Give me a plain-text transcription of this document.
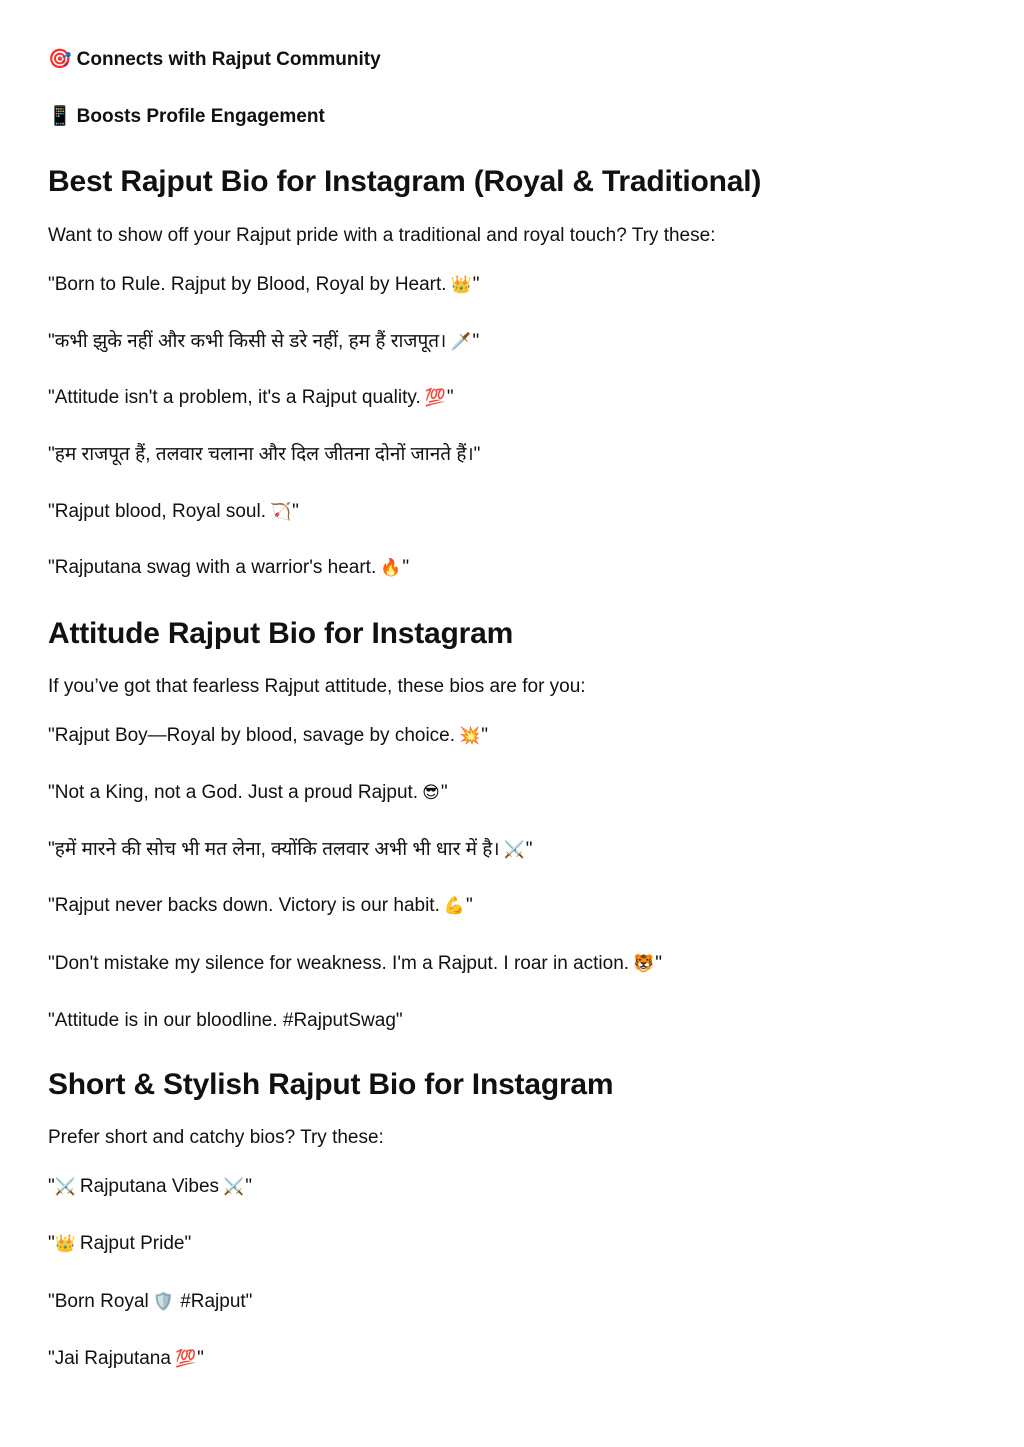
🎯 Connects with Rajput Community
📱 Boosts Profile Engagement
Best Rajput Bio for Instagram (Royal & Traditional)
Want to show off your Rajput pride with a traditional and royal touch? Try these:
"Born to Rule. Rajput by Blood, Royal by Heart. 👑"
"कभी झुके नहीं और कभी किसी से डरे नहीं, हम हैं राजपूत। 🗡️"
"Attitude isn't a problem, it's a Rajput quality. 💯"
"हम राजपूत हैं, तलवार चलाना और दिल जीतना दोनों जानते हैं।"
"Rajput blood, Royal soul. 🏹"
"Rajputana swag with a warrior's heart. 🔥"
Attitude Rajput Bio for Instagram
If you’ve got that fearless Rajput attitude, these bios are for you:
"Rajput Boy—Royal by blood, savage by choice. 💥"
"Not a King, not a God. Just a proud Rajput. 😎"
"हमें मारने की सोच भी मत लेना, क्योंकि तलवार अभी भी धार में है। ⚔️"
"Rajput never backs down. Victory is our habit. 💪"
"Don't mistake my silence for weakness. I'm a Rajput. I roar in action. 🐯"
"Attitude is in our bloodline. #RajputSwag"
Short & Stylish Rajput Bio for Instagram
Prefer short and catchy bios? Try these:
"⚔️ Rajputana Vibes ⚔️"
"👑 Rajput Pride"
"Born Royal 🛡️ #Rajput"
"Jai Rajputana 💯"
